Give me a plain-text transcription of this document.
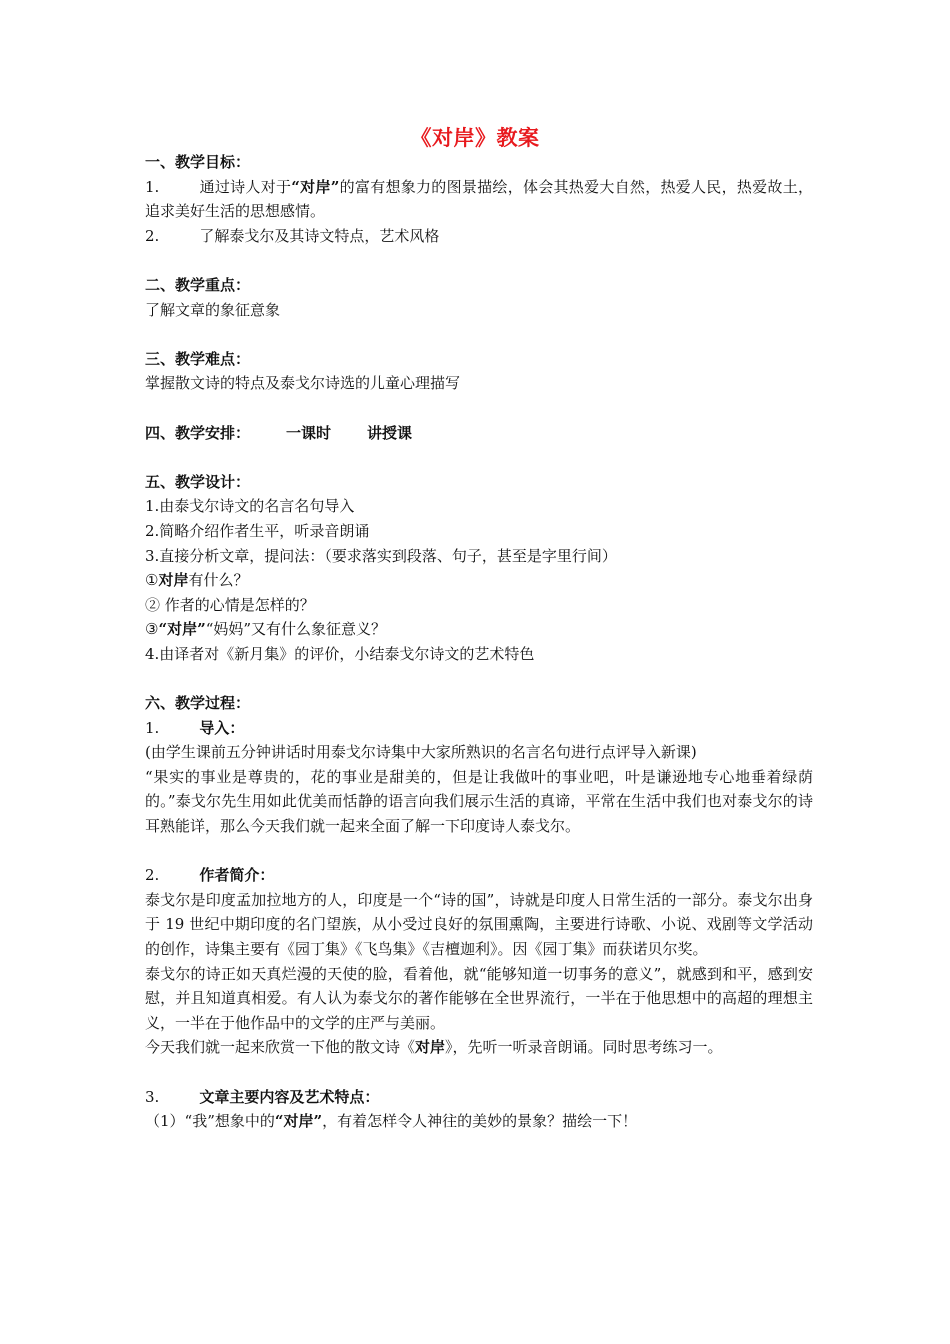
《对岸》教案

一、教学目标：

1.	通过诗人对于“对岸”的富有想象力的图景描绘，体会其热爱大自然，热爱人民，热爱故土，追求美好生活的思想感情。

2.	了解泰戈尔及其诗文特点，艺术风格

二、教学重点：

了解文章的象征意象

三、教学难点：

掌握散文诗的特点及泰戈尔诗选的儿童心理描写

四、教学安排： 一课时 讲授课

五、教学设计：

1.由泰戈尔诗文的名言名句导入

2.简略介绍作者生平，听录音朗诵

3.直接分析文章，提问法：（要求落实到段落、句子，甚至是字里行间）

①对岸有什么？

② 作者的心情是怎样的？

③“对岸”“妈妈”又有什么象征意义？

4.由译者对《新月集》的评价，小结泰戈尔诗文的艺术特色

六、教学过程：

1.	导入：

(由学生课前五分钟讲话时用泰戈尔诗集中大家所熟识的名言名句进行点评导入新课)

“果实的事业是尊贵的，花的事业是甜美的，但是让我做叶的事业吧，叶是谦逊地专心地垂着绿荫的。”泰戈尔先生用如此优美而恬静的语言向我们展示生活的真谛，平常在生活中我们也对泰戈尔的诗耳熟能详，那么今天我们就一起来全面了解一下印度诗人泰戈尔。

2.	作者简介：

泰戈尔是印度孟加拉地方的人，印度是一个“诗的国”，诗就是印度人日常生活的一部分。泰戈尔出身于 19 世纪中期印度的名门望族，从小受过良好的氛围熏陶，主要进行诗歌、小说、戏剧等文学活动的创作，诗集主要有《园丁集》《飞鸟集》《吉檀迦利》。因《园丁集》而获诺贝尔奖。

泰戈尔的诗正如天真烂漫的天使的脸，看着他，就“能够知道一切事务的意义”，就感到和平，感到安慰，并且知道真相爱。有人认为泰戈尔的著作能够在全世界流行，一半在于他思想中的高超的理想主义，一半在于他作品中的文学的庄严与美丽。

今天我们就一起来欣赏一下他的散文诗《对岸》，先听一听录音朗诵。同时思考练习一。

3.	文章主要内容及艺术特点：

（1）“我”想象中的“对岸”，有着怎样令人神往的美妙的景象？描绘一下！
